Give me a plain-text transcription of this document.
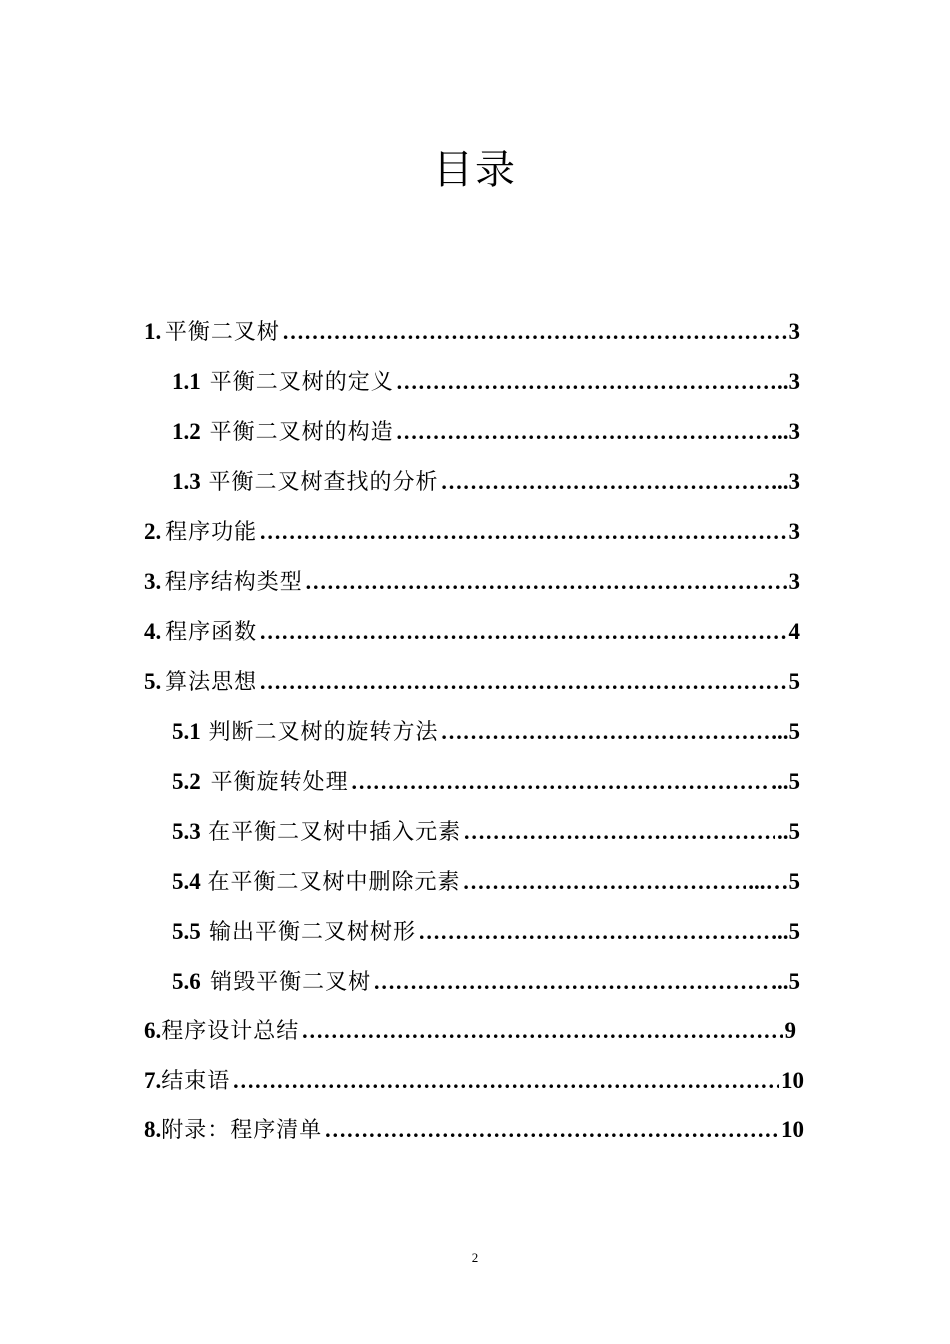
目录
1. 平衡二叉树 ……………………………………………………………………………………………………………………………………	3
1.1 平衡二叉树的定义 ……………………………………………………………………………………………………………………………………	..3
1.2 平衡二叉树的构造 ……………………………………………………………………………………………………………………………………	...3
1.3 平衡二叉树查找的分析 ……………………………………………………………………………………………………………………………………	...3
2. 程序功能 ……………………………………………………………………………………………………………………………………	3
3. 程序结构类型 ……………………………………………………………………………………………………………………………………	3
4. 程序函数 ……………………………………………………………………………………………………………………………………	4
5. 算法思想 ……………………………………………………………………………………………………………………………………	5
5.1 判断二叉树的旋转方法 ……………………………………………………………………………………………………………………………………	...5
5.2 平衡旋转处理 ……………………………………………………………………………………………………………………………………	...5
5.3 在平衡二叉树中插入元素 ……………………………………………………………………………………………………………………………………	..5
5.4 在平衡二叉树中删除元素 ……………………………………………………………………………………………………………………………………	...…5
5.5 输出平衡二叉树树形 ……………………………………………………………………………………………………………………………………	...5
5.6 销毁平衡二叉树 ……………………………………………………………………………………………………………………………………	...5
6. 程序设计总结 ……………………………………………………………………………………………………………………………………	9
7. 结束语 ……………………………………………………………………………………………………………………………………	10
8. 附录：程序清单 ……………………………………………………………………………………………………………………………………	10
2
